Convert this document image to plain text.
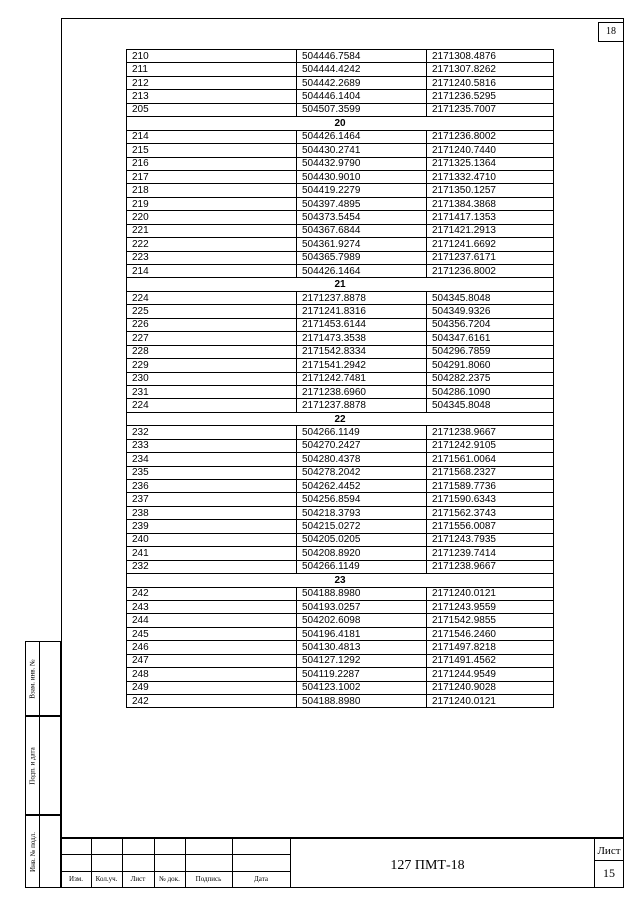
18
Инв. № подл.
Подп. и дата
Взам. инв. №
210	504446.7584	2171308.4876
211	504444.4242	2171307.8262
212	504442.2689	2171240.5816
213	504446.1404	2171236.5295
205	504507.3599	2171235.7007
20		
214	504426.1464	2171236.8002
215	504430.2741	2171240.7440
216	504432.9790	2171325.1364
217	504430.9010	2171332.4710
218	504419.2279	2171350.1257
219	504397.4895	2171384.3868
220	504373.5454	2171417.1353
221	504367.6844	2171421.2913
222	504361.9274	2171241.6692
223	504365.7989	2171237.6171
214	504426.1464	2171236.8002
21		
224	2171237.8878	504345.8048
225	2171241.8316	504349.9326
226	2171453.6144	504356.7204
227	2171473.3538	504347.6161
228	2171542.8334	504296.7859
229	2171541.2942	504291.8060
230	2171242.7481	504282.2375
231	2171238.6960	504286.1090
224	2171237.8878	504345.8048
22		
232	504266.1149	2171238.9667
233	504270.2427	2171242.9105
234	504280.4378	2171561.0064
235	504278.2042	2171568.2327
236	504262.4452	2171589.7736
237	504256.8594	2171590.6343
238	504218.3793	2171562.3743
239	504215.0272	2171556.0087
240	504205.0205	2171243.7935
241	504208.8920	2171239.7414
232	504266.1149	2171238.9667
23		
242	504188.8980	2171240.0121
243	504193.0257	2171243.9559
244	504202.6098	2171542.9855
245	504196.4181	2171546.2460
246	504130.4813	2171497.8218
247	504127.1292	2171491.4562
248	504119.2287	2171244.9549
249	504123.1002	2171240.9028
242	504188.8980	2171240.0121
Изм.	Кол.уч.	Лист	№ док.	Подпись	Дата
127 ПМТ-18
Лист
15
